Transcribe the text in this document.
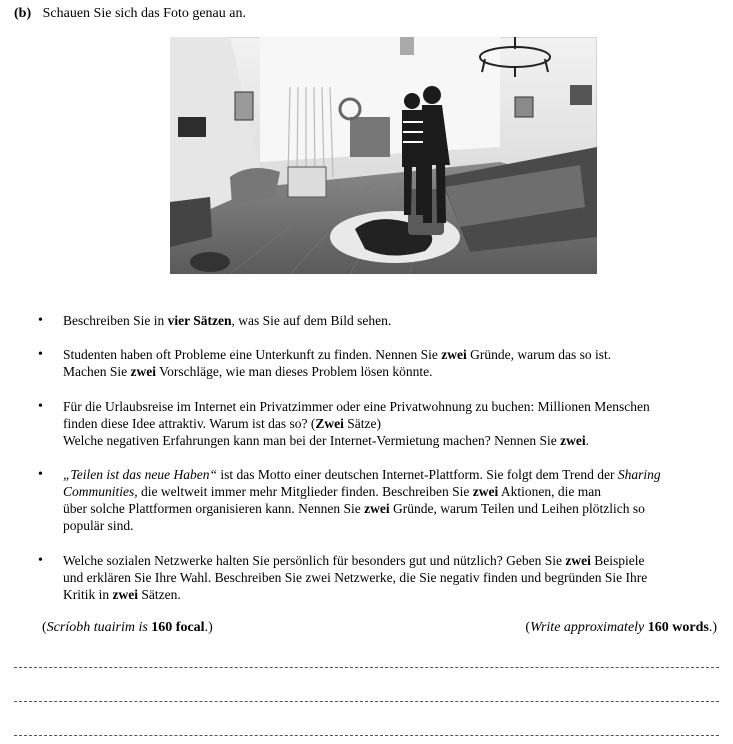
(b) Schauen Sie sich das Foto genau an.
• Beschreiben Sie in vier Sätzen, was Sie auf dem Bild sehen.
• Studenten haben oft Probleme eine Unterkunft zu finden. Nennen Sie zwei Gründe, warum das so ist.
Machen Sie zwei Vorschläge, wie man dieses Problem lösen könnte.
• Für die Urlaubsreise im Internet ein Privatzimmer oder eine Privatwohnung zu buchen: Millionen Menschen
finden diese Idee attraktiv. Warum ist das so? (Zwei Sätze)
Welche negativen Erfahrungen kann man bei der Internet-Vermietung machen? Nennen Sie zwei.
• „Teilen ist das neue Haben“ ist das Motto einer deutschen Internet-Plattform. Sie folgt dem Trend der Sharing
Communities, die weltweit immer mehr Mitglieder finden. Beschreiben Sie zwei Aktionen, die man
über solche Plattformen organisieren kann. Nennen Sie zwei Gründe, warum Teilen und Leihen plötzlich so
populär sind.
• Welche sozialen Netzwerke halten Sie persönlich für besonders gut und nützlich? Geben Sie zwei Beispiele
und erklären Sie Ihre Wahl. Beschreiben Sie zwei Netzwerke, die Sie negativ finden und begründen Sie Ihre
Kritik in zwei Sätzen.
(Scríobh tuairim is 160 focal.)	(Write approximately 160 words.)
